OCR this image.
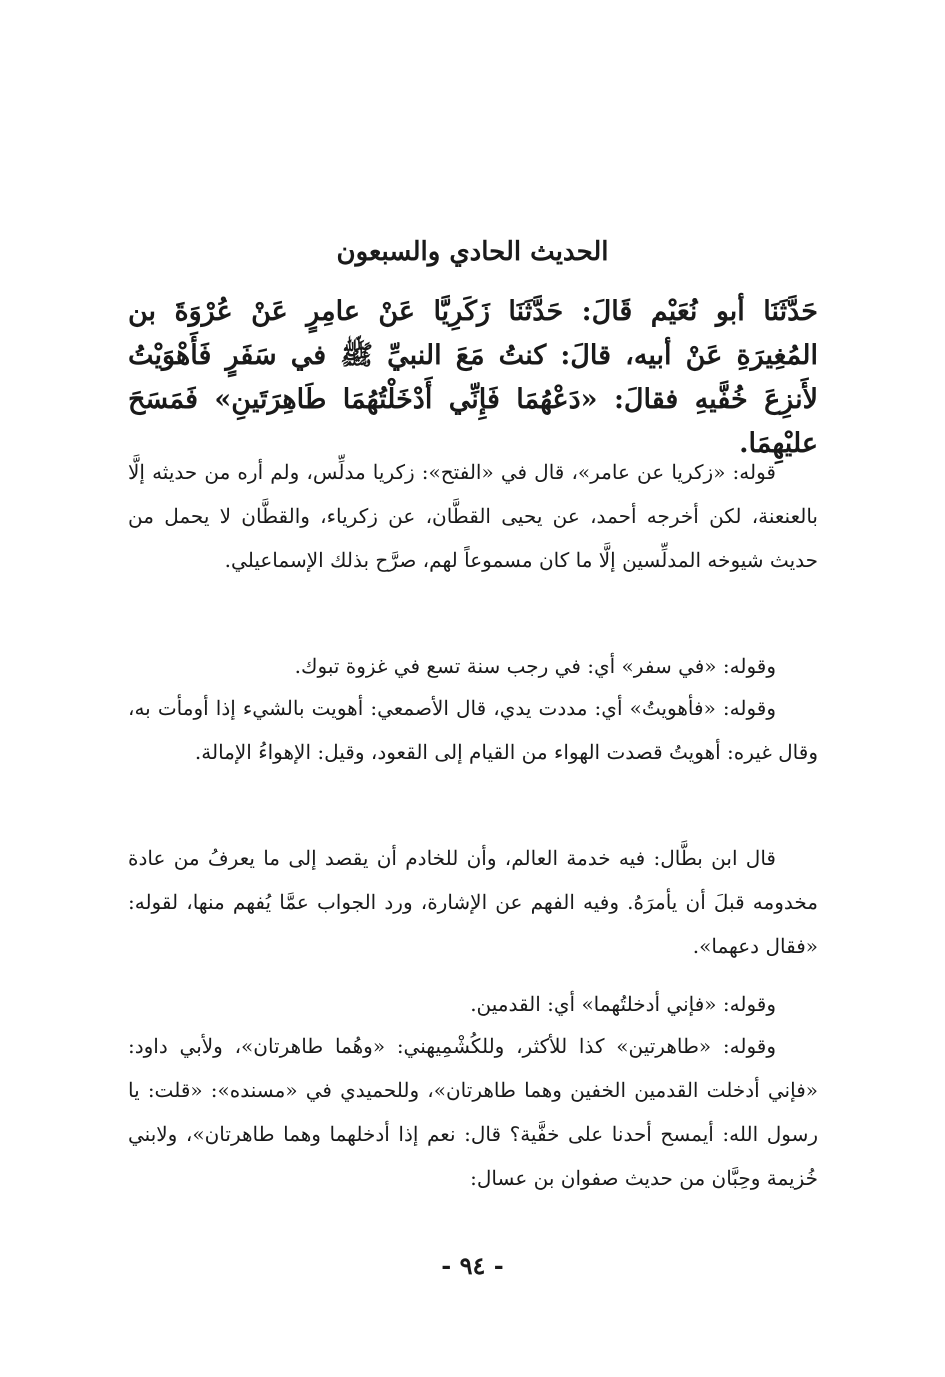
الحديث الحادي والسبعون

حَدَّثَنَا أبو نُعَيْم قَالَ: حَدَّثَنَا زَكَرِيَّا عَنْ عامِرٍ عَنْ عُرْوَةَ بن المُغِيرَةِ عَنْ أبيه، قالَ: كنتُ مَعَ النبيِّ ﷺ في سَفَرٍ فَأَهْوَيْتُ لأَنزِعَ خُفَّيهِ فقالَ: «دَعْهُمَا فَإِنِّي أَدْخَلْتُهُمَا طَاهِرَتَينِ» فَمَسَحَ عليْهِمَا.

قوله: «زكريا عن عامر»، قال في «الفتح»: زكريا مدلِّس، ولم أره من حديثه إلَّا بالعنعنة، لكن أخرجه أحمد، عن يحيى القطَّان، عن زكرياء، والقطَّان لا يحمل من حديث شيوخه المدلِّسين إلَّا ما كان مسموعاً لهم، صرَّح بذلك الإسماعيلي.

وقوله: «في سفر» أي: في رجب سنة تسع في غزوة تبوك.

وقوله: «فأهويتُ» أي: مددت يدي، قال الأصمعي: أهويت بالشيء إذا أومأت به، وقال غيره: أهويتُ قصدت الهواء من القيام إلى القعود، وقيل: الإهواءُ الإمالة.

قال ابن بطَّال: فيه خدمة العالم، وأن للخادم أن يقصد إلى ما يعرفُ من عادة مخدومه قبلَ أن يأمرَهُ. وفيه الفهم عن الإشارة، ورد الجواب عمَّا يُفهم منها، لقوله: «فقال دعهما».

وقوله: «فإني أدخلتُهما» أي: القدمين.

وقوله: «طاهرتين» كذا للأكثر، وللكُشْمِيهني: «وهُما طاهرتان»، ولأبي داود: «فإني أدخلت القدمين الخفين وهما طاهرتان»، وللحميدي في «مسنده»: «قلت: يا رسول الله: أيمسح أحدنا على خفَّية؟ قال: نعم إذا أدخلهما وهما طاهرتان»، ولابني خُزيمة وحِبَّان من حديث صفوان بن عسال:

- ٩٤ -
